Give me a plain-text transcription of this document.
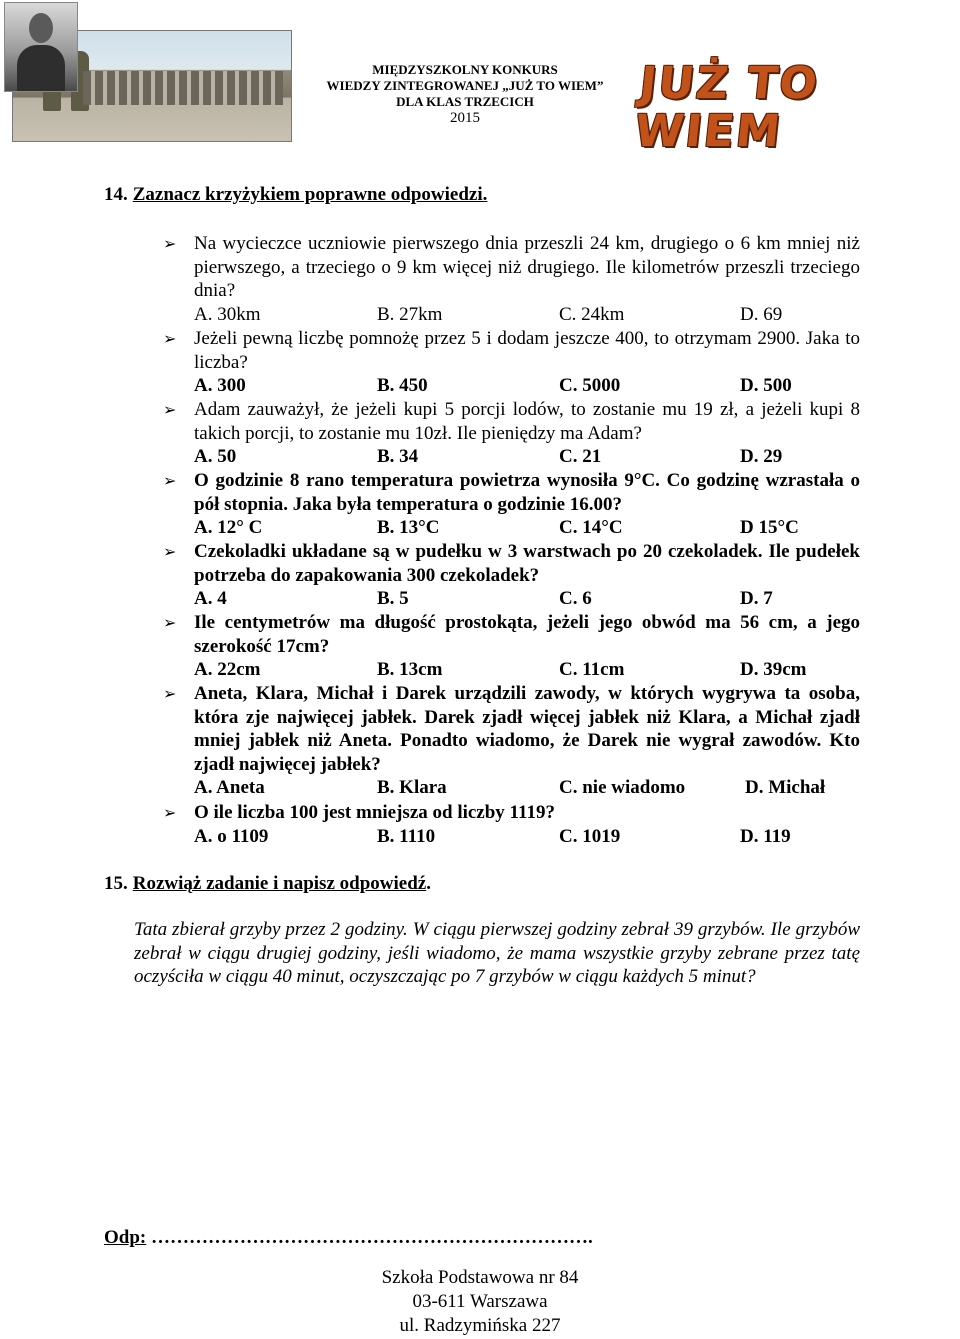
MIĘDZYSZKOLNY KONKURS
WIEDZY ZINTEGROWANEJ „JUŻ TO WIEM”
DLA KLAS TRZECICH
2015
JUŻ TO WIEM
14. Zaznacz krzyżykiem poprawne odpowiedzi.
➢ Na wycieczce uczniowie pierwszego dnia przeszli 24 km, drugiego o 6 km mniej niż pierwszego, a trzeciego o 9 km więcej niż drugiego. Ile kilometrów przeszli trzeciego dnia?

A. 30km	B. 27km	C. 24km	D. 69
➢ Jeżeli pewną liczbę pomnożę przez 5 i dodam jeszcze 400, to otrzymam 2900. Jaka to liczba?

A. 300	B. 450	C. 5000	D. 500
➢ Adam zauważył, że jeżeli kupi 5 porcji lodów, to zostanie mu 19 zł, a jeżeli kupi 8 takich porcji, to zostanie mu 10zł. Ile pieniędzy ma Adam?

A. 50	B. 34	C. 21	D. 29
➢ O godzinie 8 rano temperatura powietrza wynosiła 9°C. Co godzinę wzrastała o pół stopnia. Jaka była temperatura o godzinie 16.00?

A. 12° C	B. 13°C	C. 14°C	D 15°C
➢ Czekoladki układane są w pudełku w 3 warstwach po 20 czekoladek. Ile pudełek potrzeba do zapakowania 300 czekoladek?

A. 4	B. 5	C. 6	D. 7
➢ Ile centymetrów ma długość prostokąta, jeżeli jego obwód ma 56 cm, a jego szerokość 17cm?

A. 22cm	B. 13cm	C. 11cm	D. 39cm
➢ Aneta, Klara, Michał i Darek urządzili zawody, w których wygrywa ta osoba, która zje najwięcej jabłek. Darek zjadł więcej jabłek niż Klara, a Michał zjadł mniej jabłek niż Aneta. Ponadto wiadomo, że Darek nie wygrał zawodów. Kto zjadł najwięcej jabłek?

A. Aneta	B. Klara	C. nie wiadomo	D. Michał
➢ O ile liczba 100 jest mniejsza od liczby 1119?

A. o 1109	B. 1110	C. 1019	D. 119
15. Rozwiąż zadanie i napisz odpowiedź.

Tata zbierał grzyby przez 2 godziny. W ciągu pierwszej godziny zebrał 39 grzybów. Ile grzybów zebrał w ciągu drugiej godziny, jeśli wiadomo, że mama wszystkie grzyby zebrane przez tatę oczyściła w ciągu 40 minut, oczyszczając po 7 grzybów w ciągu każdych 5 minut?

Odp: …………………………………………………………….
Szkoła Podstawowa nr 84
03-611 Warszawa
ul. Radzymińska 227
